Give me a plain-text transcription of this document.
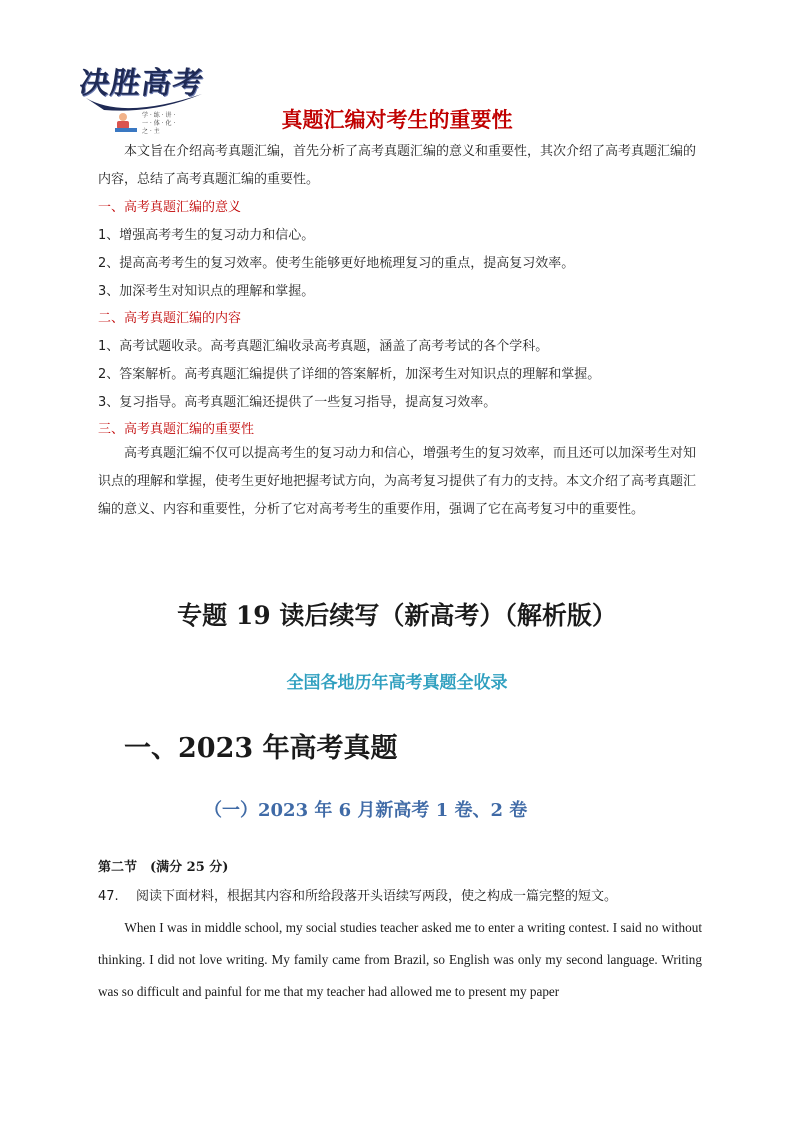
决胜高考
学 · 练 · 讲 · 一 · 体 · 化 · 之 · 主	真题汇编对考生的重要性

本文旨在介绍高考真题汇编，首先分析了高考真题汇编的意义和重要性，其次介绍了高考真题汇编的内容，总结了高考真题汇编的重要性。

一、高考真题汇编的意义

1、增强高考考生的复习动力和信心。

2、提高高考考生的复习效率。使考生能够更好地梳理复习的重点，提高复习效率。

3、加深考生对知识点的理解和掌握。

二、高考真题汇编的内容

1、高考试题收录。高考真题汇编收录高考真题，涵盖了高考考试的各个学科。

2、答案解析。高考真题汇编提供了详细的答案解析，加深考生对知识点的理解和掌握。

3、复习指导。高考真题汇编还提供了一些复习指导，提高复习效率。

三、高考真题汇编的重要性

高考真题汇编不仅可以提高考生的复习动力和信心，增强考生的复习效率，而且还可以加深考生对知识点的理解和掌握，使考生更好地把握考试方向，为高考复习提供了有力的支持。本文介绍了高考真题汇编的意义、内容和重要性，分析了它对高考考生的重要作用，强调了它在高考复习中的重要性。

专题 19 读后续写（新高考）（解析版）
全国各地历年高考真题全收录
一、2023 年高考真题
（一）2023 年 6 月新高考 1 卷、2 卷
第二节　(满分 25 分)
47. 阅读下面材料，根据其内容和所给段落开头语续写两段，使之构成一篇完整的短文。

When I was in middle school, my social studies teacher asked me to enter a writing contest. I said no without thinking. I did not love writing. My family came from Brazil, so English was only my second language. Writing was so difficult and painful for me that my teacher had allowed me to present my paper
